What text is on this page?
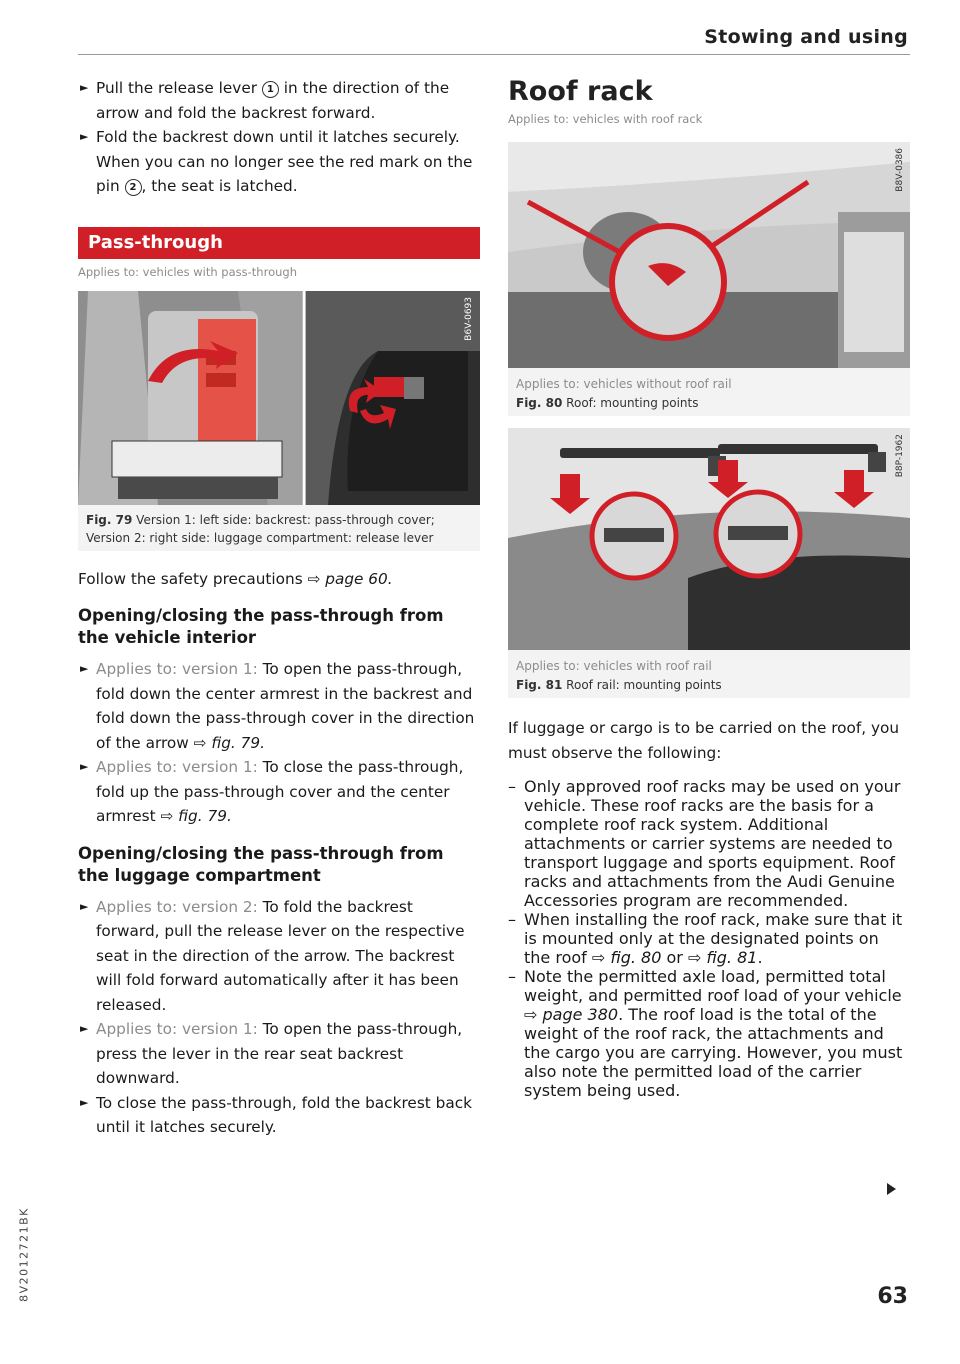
Stowing and using
► Pull the release lever 1 in the direction of the arrow and fold the backrest forward.
► Fold the backrest down until it latches securely. When you can no longer see the red mark on the pin 2 , the seat is latched.
Pass-through
Applies to: vehicles with pass-through
B6V-0693
Fig. 79 Version 1: left side: backrest: pass-through cover; Version 2: right side: luggage compartment: release lever

Follow the safety precautions ⇨ page 60.

Opening/closing the pass-through from the vehicle interior
► Applies to: version 1: To open the pass-through, fold down the center armrest in the backrest and fold down the pass-through cover in the direction of the arrow ⇨ fig. 79.
► Applies to: version 1: To close the pass-through, fold up the pass-through cover and the center armrest ⇨ fig. 79.
Opening/closing the pass-through from the luggage compartment
► Applies to: version 2: To fold the backrest forward, pull the release lever on the respective seat in the direction of the arrow. The backrest will fold forward automatically after it has been released.
► Applies to: version 1: To open the pass-through, press the lever in the rear seat backrest downward.
► To close the pass-through, fold the backrest back until it latches securely.
Roof rack
Applies to: vehicles with roof rack
B8V-0386
Applies to: vehicles without roof rail
Fig. 80 Roof: mounting points
B8P-1962
Applies to: vehicles with roof rail
Fig. 81 Roof rail: mounting points

If luggage or cargo is to be carried on the roof, you must observe the following:

– Only approved roof racks may be used on your vehicle. These roof racks are the basis for a complete roof rack system. Additional attachments or carrier systems are needed to transport luggage and sports equipment. Roof racks and attachments from the Audi Genuine Accessories program are recommended.
– When installing the roof rack, make sure that it is mounted only at the designated points on the roof ⇨ fig. 80 or ⇨ fig. 81.
– Note the permitted axle load, permitted total weight, and permitted roof load of your vehicle ⇨ page 380. The roof load is the total of the weight of the roof rack, the attachments and the cargo you are carrying. However, you must also note the permitted load of the carrier system being used.
8V2012721BK	63
